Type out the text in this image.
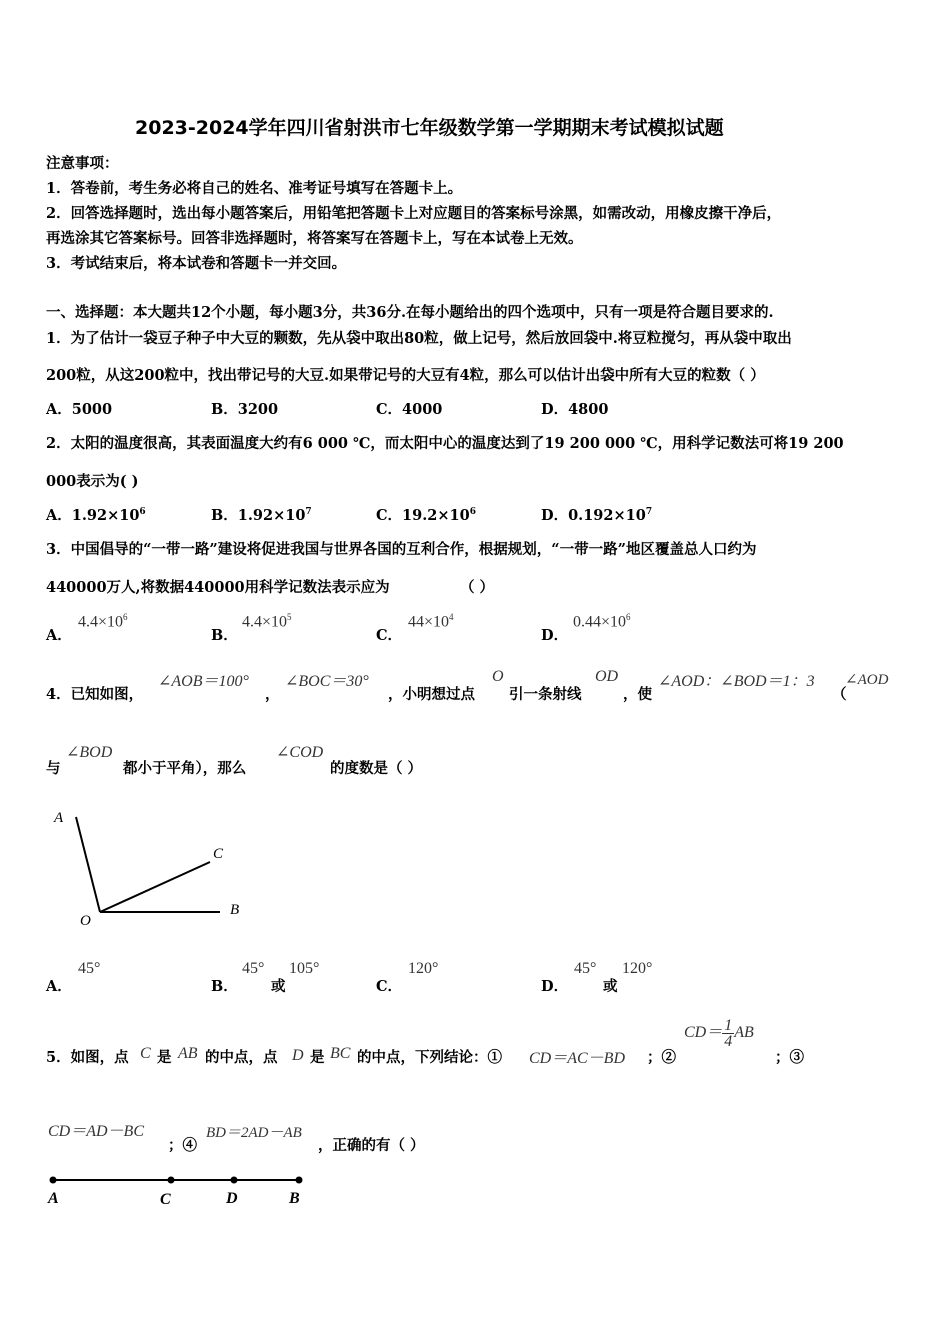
2023-2024学年四川省射洪市七年级数学第一学期期末考试模拟试题
注意事项：
1．答卷前，考生务必将自己的姓名、准考证号填写在答题卡上。
2．回答选择题时，选出每小题答案后，用铅笔把答题卡上对应题目的答案标号涂黑，如需改动，用橡皮擦干净后，
再选涂其它答案标号。回答非选择题时，将答案写在答题卡上，写在本试卷上无效。
3．考试结束后，将本试卷和答题卡一并交回。
一、选择题：本大题共12个小题，每小题3分，共36分.在每小题给出的四个选项中，只有一项是符合题目要求的.
1．为了估计一袋豆子种子中大豆的颗数，先从袋中取出80粒，做上记号，然后放回袋中.将豆粒搅匀，再从袋中取出
200粒，从这200粒中，找出带记号的大豆.如果带记号的大豆有4粒，那么可以估计出袋中所有大豆的粒数（ ）
A．5000	B．3200	C．4000	D．4800
2．太阳的温度很高，其表面温度大约有6 000 ℃，而太阳中心的温度达到了19 200 000 ℃，用科学记数法可将19 200
000表示为( )
A．$1.92\times 10^6$	B．$1.92\times 10^7$	C．$19.2\times 10^6$	D．$0.192\times 10^7$
3．中国倡导的“一带一路”建设将促进我国与世界各国的互利合作，根据规划，“一带一路”地区覆盖总人口约为
440000万人,将数据440000用科学记数法表示应为	（ ）
A．
$4.4\times 10^6$
B．
$4.4\times 10^5$
C．
$44\times 10^4$
D．
$0.44\times 10^6$
4．已知如图，
∠AOB＝100°
，
∠BOC＝30°
，小明想过点
O
引一条射线
OD
，使
∠AOD：∠BOD＝1：3
（
∠AOD
与
∠BOD
都小于平角），那么
∠COD
的度数是（ ）
A
O
C
B
A．
45°
B．
45°
或
105°
C．
120°
D．
45°
或
120°
5．如图，点 C 是 AB 的中点，点 D 是 BC 的中点，下列结论：① CD＝AC－BD ；②
$CD= \frac{1}{4}$ AB
；③
CD＝AD－BC
；④
BD＝2AD－AB
，正确的有（ ）
A	C	D	B
